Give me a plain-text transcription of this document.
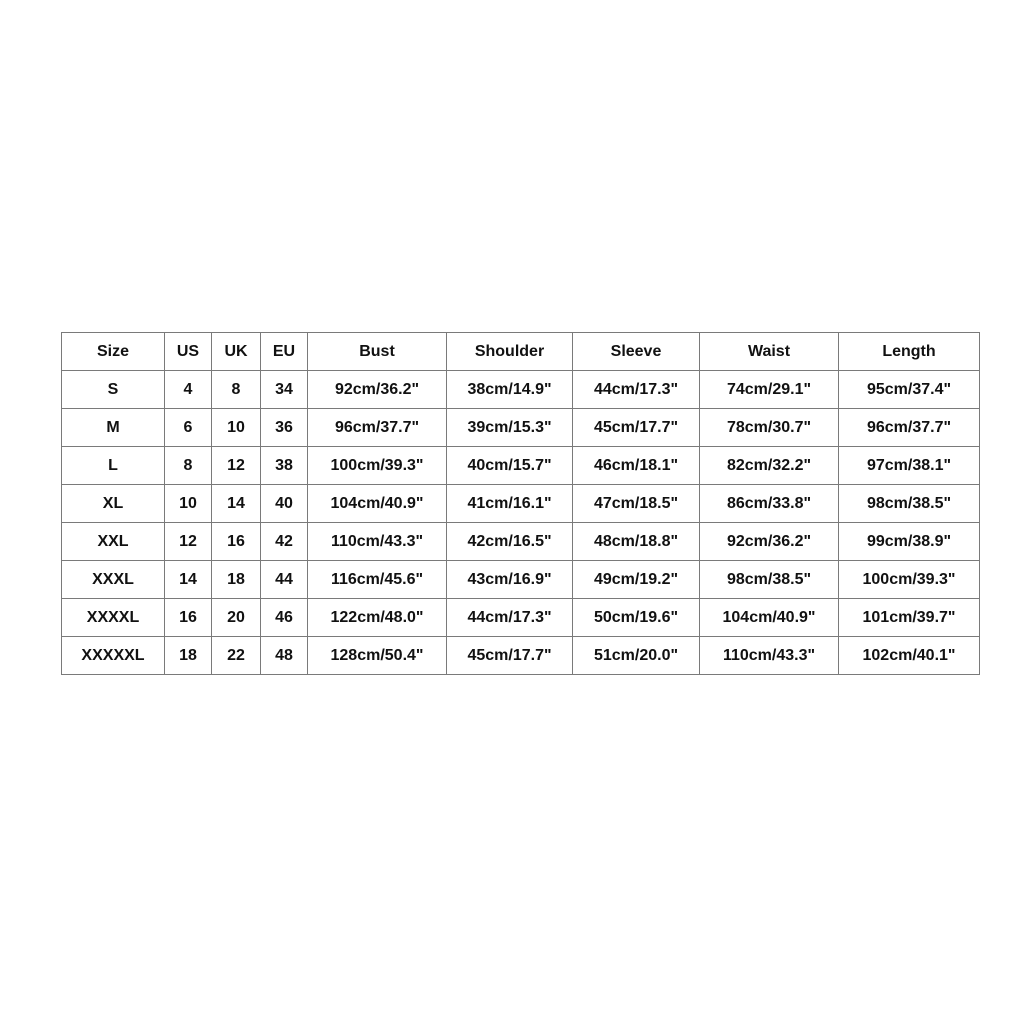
Size	US	UK	EU	Bust	Shoulder	Sleeve	Waist	Length
S	4	8	34	92cm/36.2"	38cm/14.9"	44cm/17.3"	74cm/29.1"	95cm/37.4"
M	6	10	36	96cm/37.7"	39cm/15.3"	45cm/17.7"	78cm/30.7"	96cm/37.7"
L	8	12	38	100cm/39.3"	40cm/15.7"	46cm/18.1"	82cm/32.2"	97cm/38.1"
XL	10	14	40	104cm/40.9"	41cm/16.1"	47cm/18.5"	86cm/33.8"	98cm/38.5"
XXL	12	16	42	110cm/43.3"	42cm/16.5"	48cm/18.8"	92cm/36.2"	99cm/38.9"
XXXL	14	18	44	116cm/45.6"	43cm/16.9"	49cm/19.2"	98cm/38.5"	100cm/39.3"
XXXXL	16	20	46	122cm/48.0"	44cm/17.3"	50cm/19.6"	104cm/40.9"	101cm/39.7"
XXXXXL	18	22	48	128cm/50.4"	45cm/17.7"	51cm/20.0"	110cm/43.3"	102cm/40.1"
